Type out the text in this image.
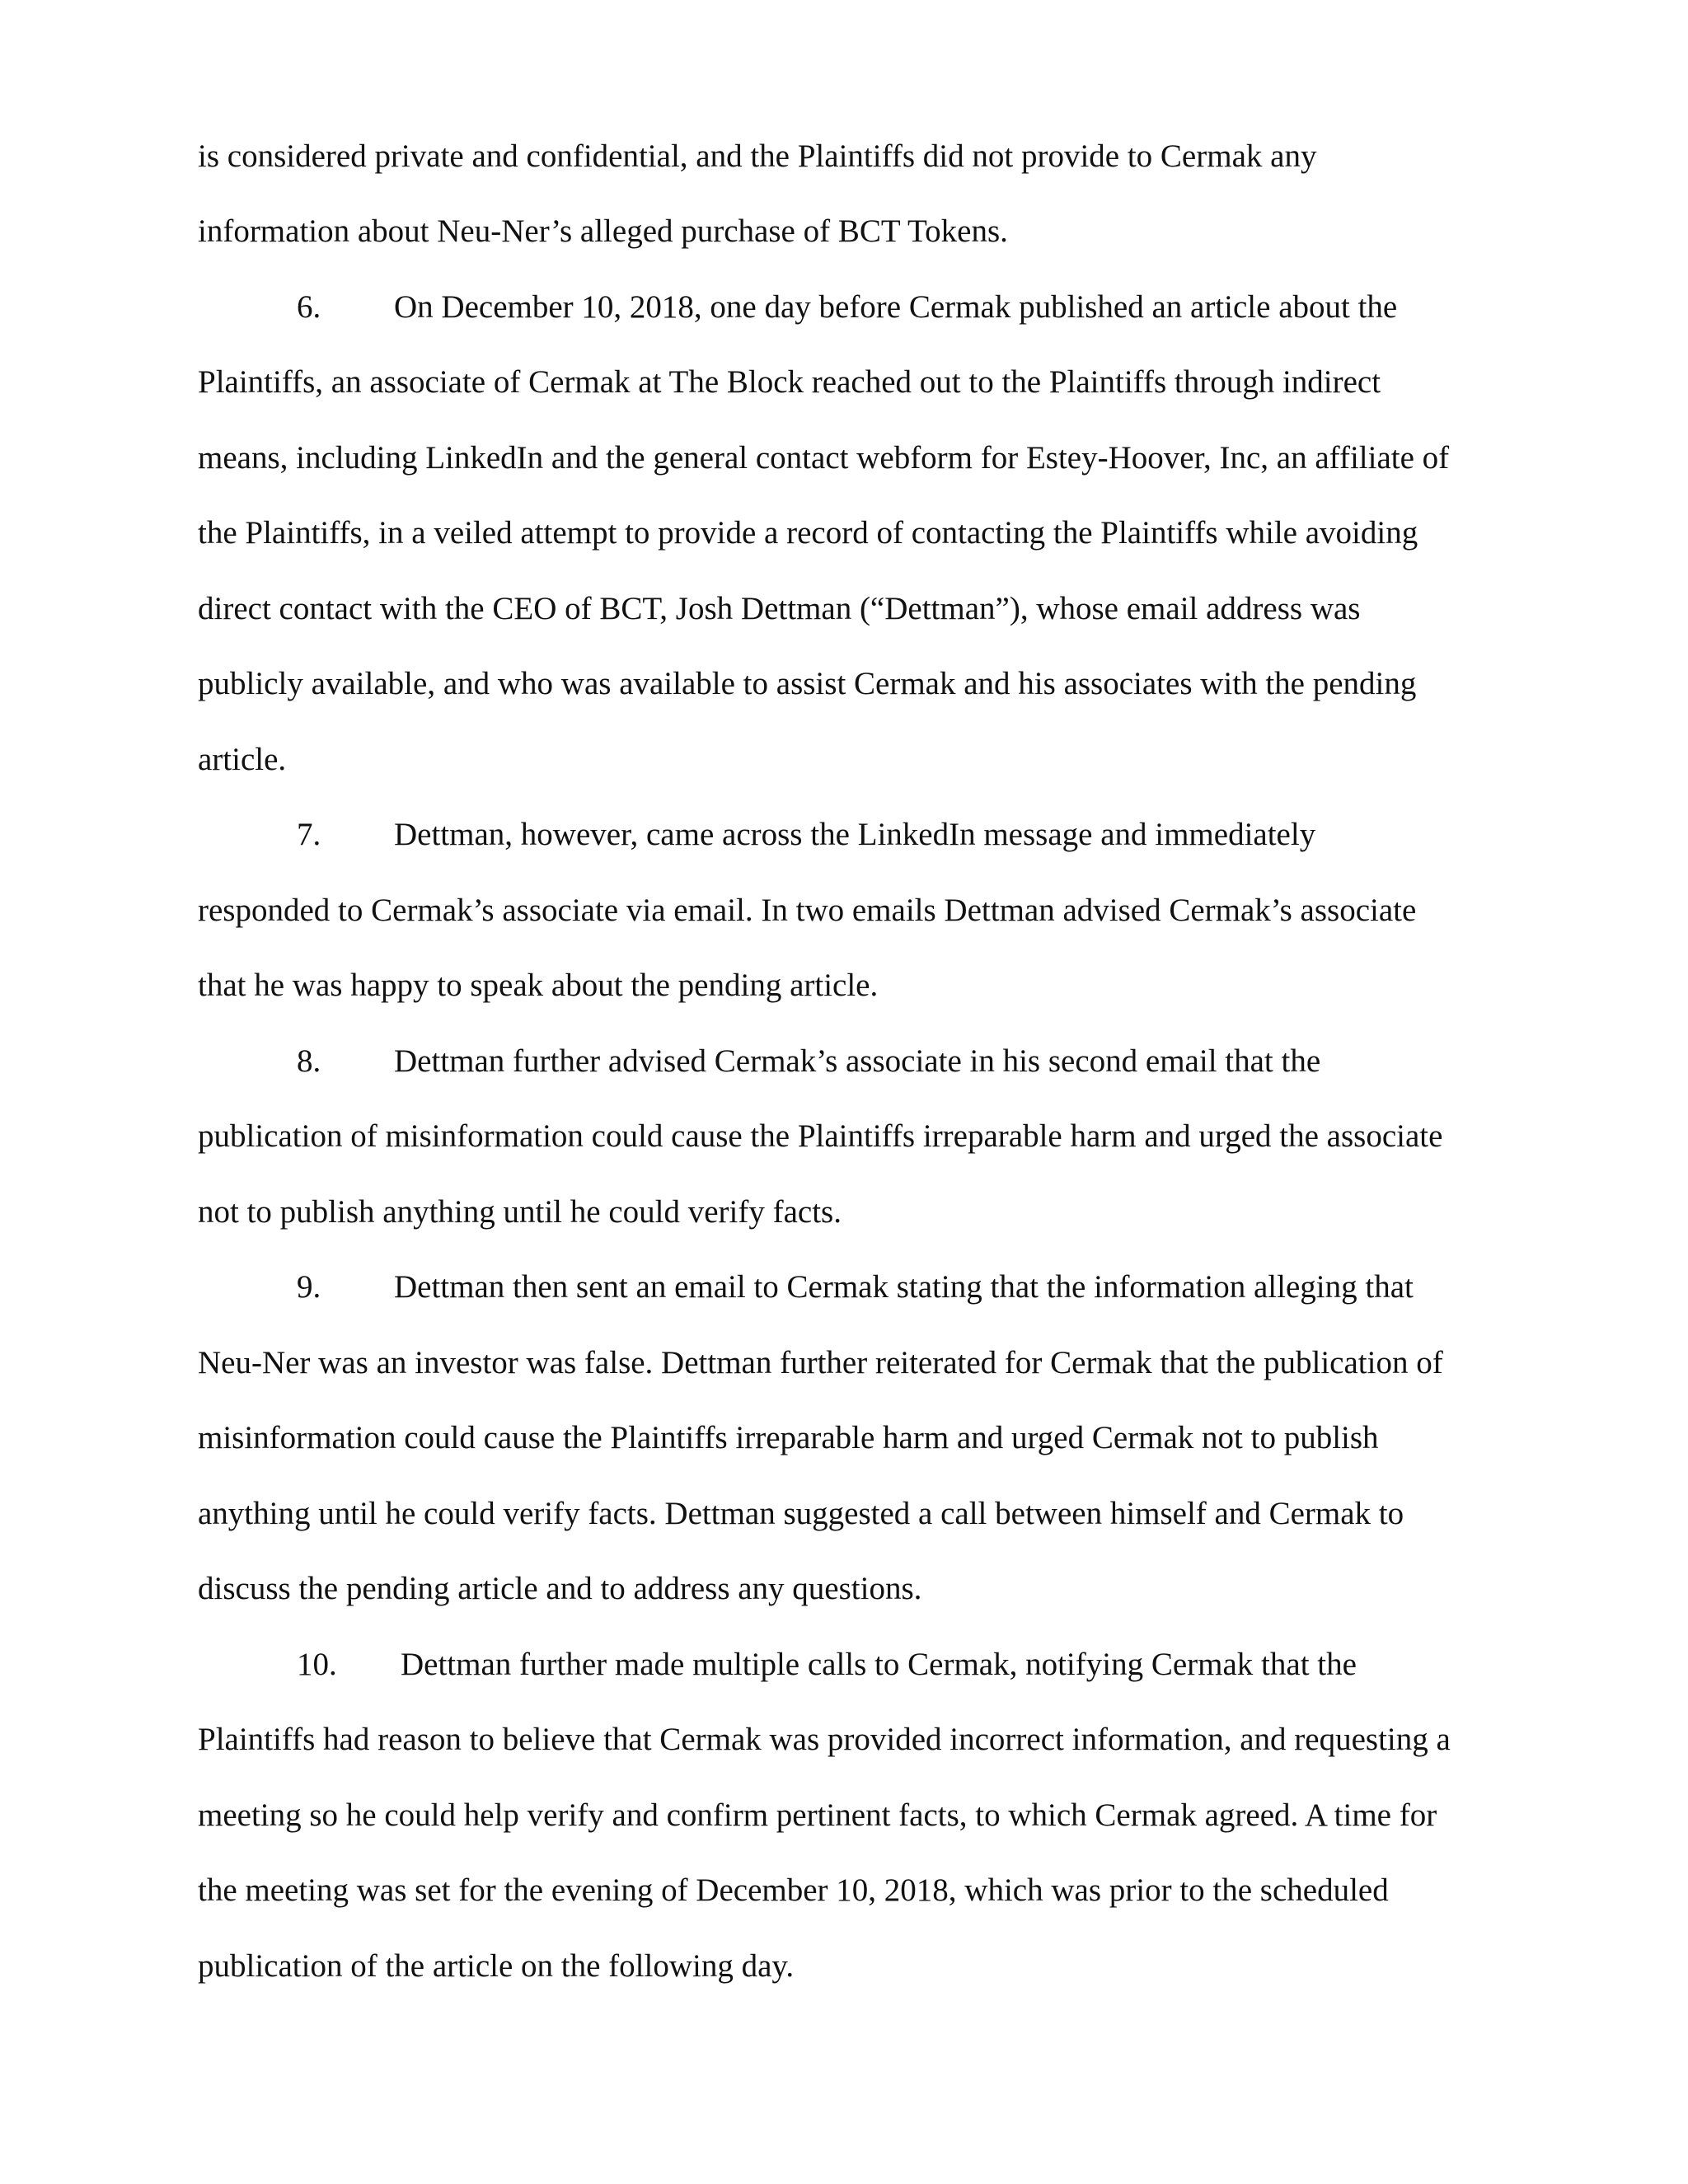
is considered private and confidential, and the Plaintiffs did not provide to Cermak any
information about Neu-Ner’s alleged purchase of BCT Tokens.
6. On December 10, 2018, one day before Cermak published an article about the
Plaintiffs, an associate of Cermak at The Block reached out to the Plaintiffs through indirect
means, including LinkedIn and the general contact webform for Estey-Hoover, Inc, an affiliate of
the Plaintiffs, in a veiled attempt to provide a record of contacting the Plaintiffs while avoiding
direct contact with the CEO of BCT, Josh Dettman (“Dettman”), whose email address was
publicly available, and who was available to assist Cermak and his associates with the pending
article.
7. Dettman, however, came across the LinkedIn message and immediately
responded to Cermak’s associate via email. In two emails Dettman advised Cermak’s associate
that he was happy to speak about the pending article.
8. Dettman further advised Cermak’s associate in his second email that the
publication of misinformation could cause the Plaintiffs irreparable harm and urged the associate
not to publish anything until he could verify facts.
9. Dettman then sent an email to Cermak stating that the information alleging that
Neu-Ner was an investor was false. Dettman further reiterated for Cermak that the publication of
misinformation could cause the Plaintiffs irreparable harm and urged Cermak not to publish
anything until he could verify facts. Dettman suggested a call between himself and Cermak to
discuss the pending article and to address any questions.
10. Dettman further made multiple calls to Cermak, notifying Cermak that the
Plaintiffs had reason to believe that Cermak was provided incorrect information, and requesting a
meeting so he could help verify and confirm pertinent facts, to which Cermak agreed. A time for
the meeting was set for the evening of December 10, 2018, which was prior to the scheduled
publication of the article on the following day.
